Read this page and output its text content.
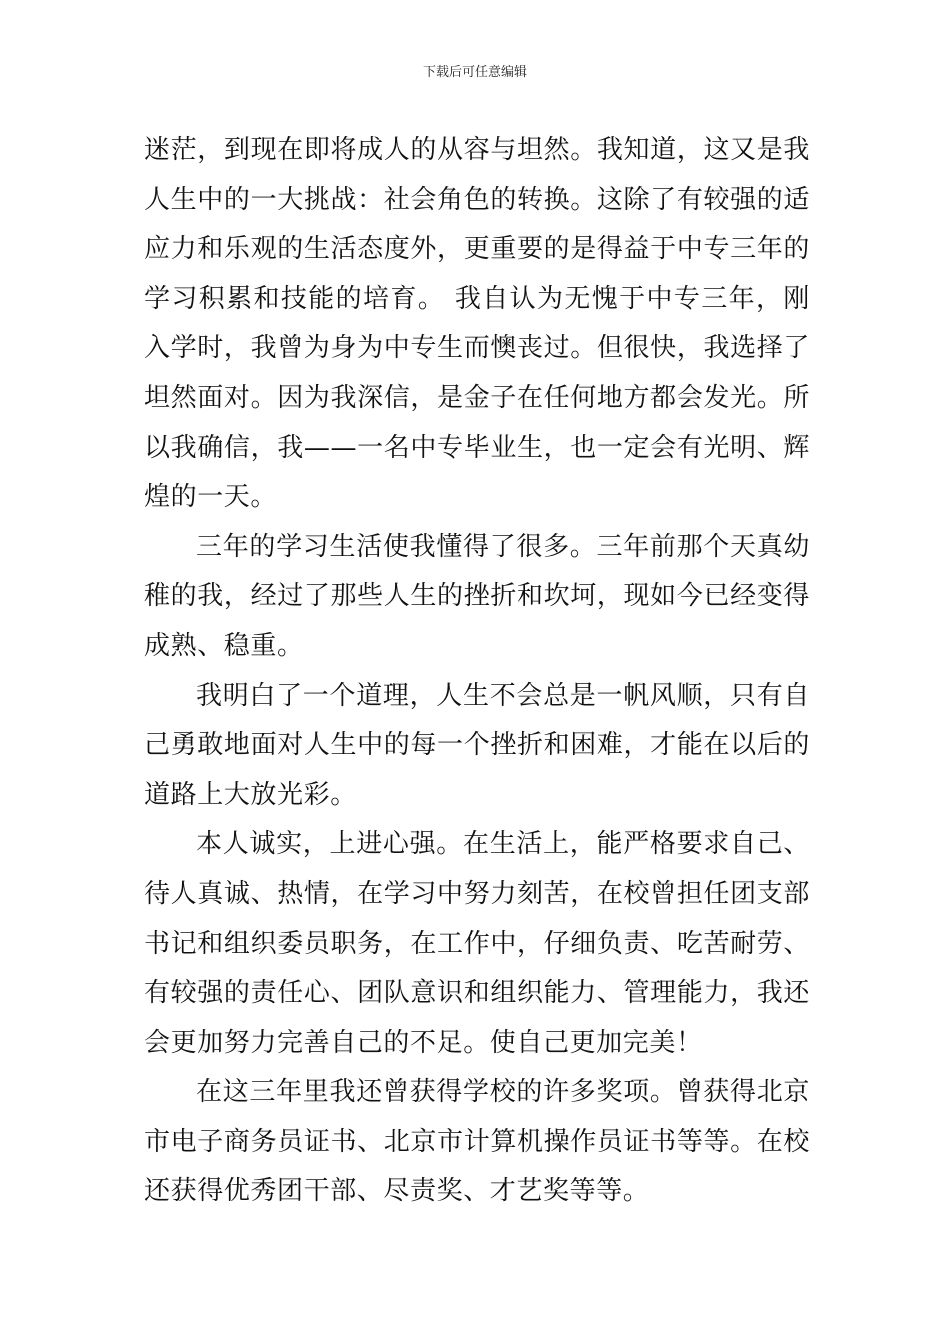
下载后可任意编辑

迷茫，到现在即将成人的从容与坦然。我知道，这又是我人生中的一大挑战：社会角色的转换。这除了有较强的适应力和乐观的生活态度外，更重要的是得益于中专三年的学习积累和技能的培育。 我自认为无愧于中专三年，刚入学时，我曾为身为中专生而懊丧过。但很快，我选择了坦然面对。因为我深信，是金子在任何地方都会发光。所以我确信，我——一名中专毕业生，也一定会有光明、辉煌的一天。

三年的学习生活使我懂得了很多。三年前那个天真幼稚的我，经过了那些人生的挫折和坎坷，现如今已经变得成熟、稳重。

我明白了一个道理，人生不会总是一帆风顺，只有自己勇敢地面对人生中的每一个挫折和困难，才能在以后的道路上大放光彩。

本人诚实，上进心强。在生活上，能严格要求自己、待人真诚、热情，在学习中努力刻苦，在校曾担任团支部书记和组织委员职务，在工作中，仔细负责、吃苦耐劳、有较强的责任心、团队意识和组织能力、管理能力，我还会更加努力完善自己的不足。使自己更加完美！

在这三年里我还曾获得学校的许多奖项。曾获得北京市电子商务员证书、北京市计算机操作员证书等等。在校还获得优秀团干部、尽责奖、才艺奖等等。
